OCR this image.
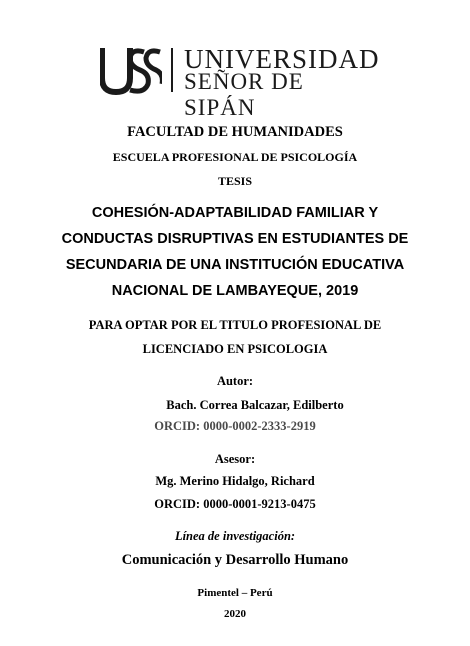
UNIVERSIDAD
SEÑOR DE SIPÁN
FACULTAD DE HUMANIDADES
ESCUELA PROFESIONAL DE PSICOLOGÍA
TESIS
COHESIÓN-ADAPTABILIDAD FAMILIAR Y
CONDUCTAS DISRUPTIVAS EN ESTUDIANTES DE
SECUNDARIA DE UNA INSTITUCIÓN EDUCATIVA
NACIONAL DE LAMBAYEQUE, 2019
PARA OPTAR POR EL TITULO PROFESIONAL DE
LICENCIADO EN PSICOLOGIA
Autor:
Bach. Correa Balcazar, Edilberto
ORCID: 0000-0002-2333-2919
Asesor:
Mg. Merino Hidalgo, Richard
ORCID: 0000-0001-9213-0475
Línea de investigación:
Comunicación y Desarrollo Humano
Pimentel – Perú
2020
